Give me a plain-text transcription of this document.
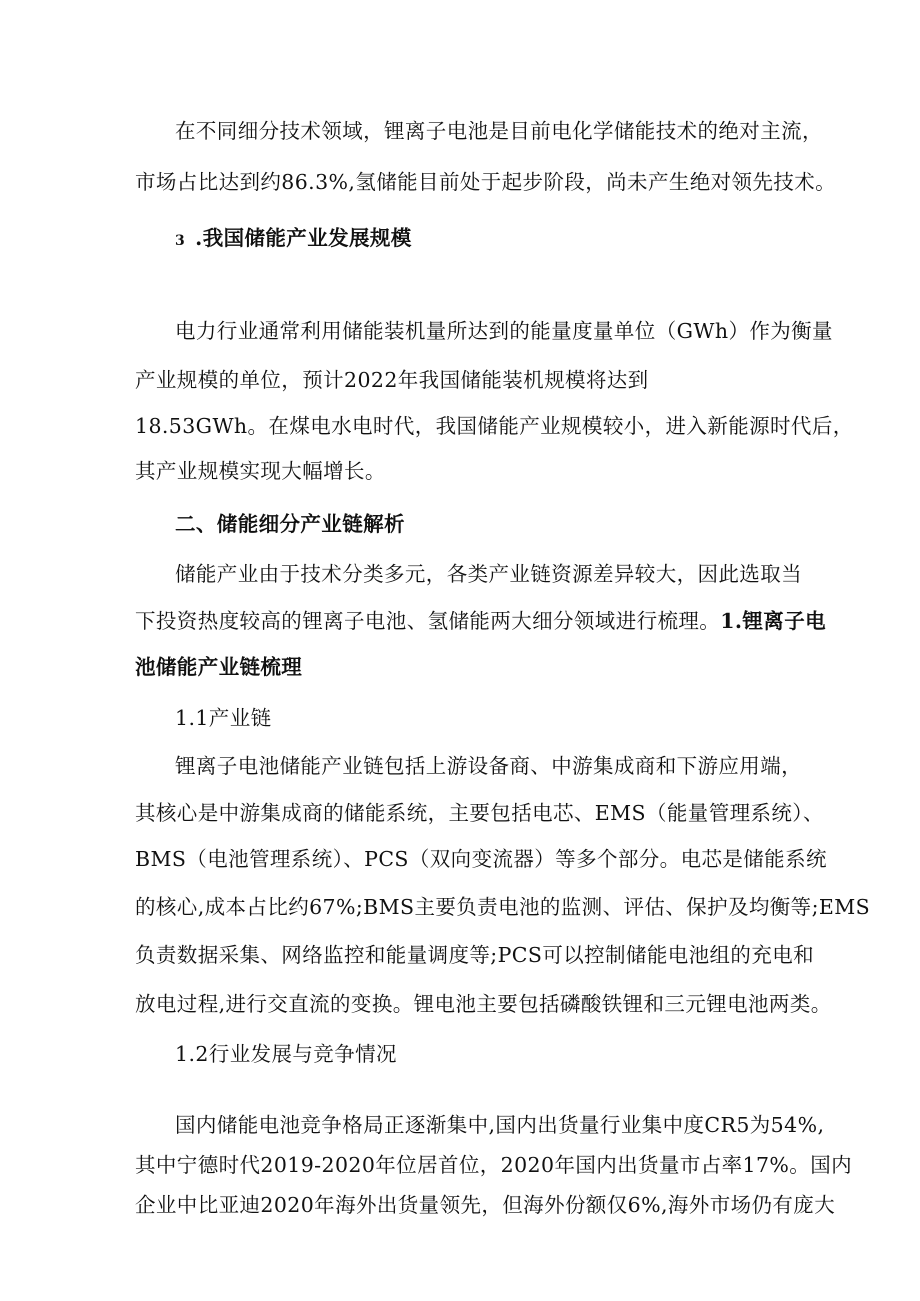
在不同细分技术领域，锂离子电池是目前电化学储能技术的绝对主流，
市场占比达到约86.3%,氢储能目前处于起步阶段，尚未产生绝对领先技术。
3 .我国储能产业发展规模
电力行业通常利用储能装机量所达到的能量度量单位（GWh）作为衡量
产业规模的单位，预计2022年我国储能装机规模将达到
18.53GWh。在煤电水电时代，我国储能产业规模较小，进入新能源时代后，
其产业规模实现大幅增长。
二、储能细分产业链解析
储能产业由于技术分类多元，各类产业链资源差异较大，因此选取当
下投资热度较高的锂离子电池、氢储能两大细分领域进行梳理。1.锂离子电
池储能产业链梳理
1.1产业链
锂离子电池储能产业链包括上游设备商、中游集成商和下游应用端，
其核心是中游集成商的储能系统，主要包括电芯、EMS（能量管理系统）、
BMS（电池管理系统）、PCS（双向变流器）等多个部分。电芯是储能系统
的核心,成本占比约67%;BMS主要负责电池的监测、评估、保护及均衡等;EMS
负责数据采集、网络监控和能量调度等;PCS可以控制储能电池组的充电和
放电过程,进行交直流的变换。锂电池主要包括磷酸铁锂和三元锂电池两类。
1.2行业发展与竞争情况
国内储能电池竞争格局正逐渐集中,国内出货量行业集中度CR5为54%,
其中宁德时代2019-2020年位居首位，2020年国内出货量市占率17%。国内
企业中比亚迪2020年海外出货量领先，但海外份额仅6%,海外市场仍有庞大
